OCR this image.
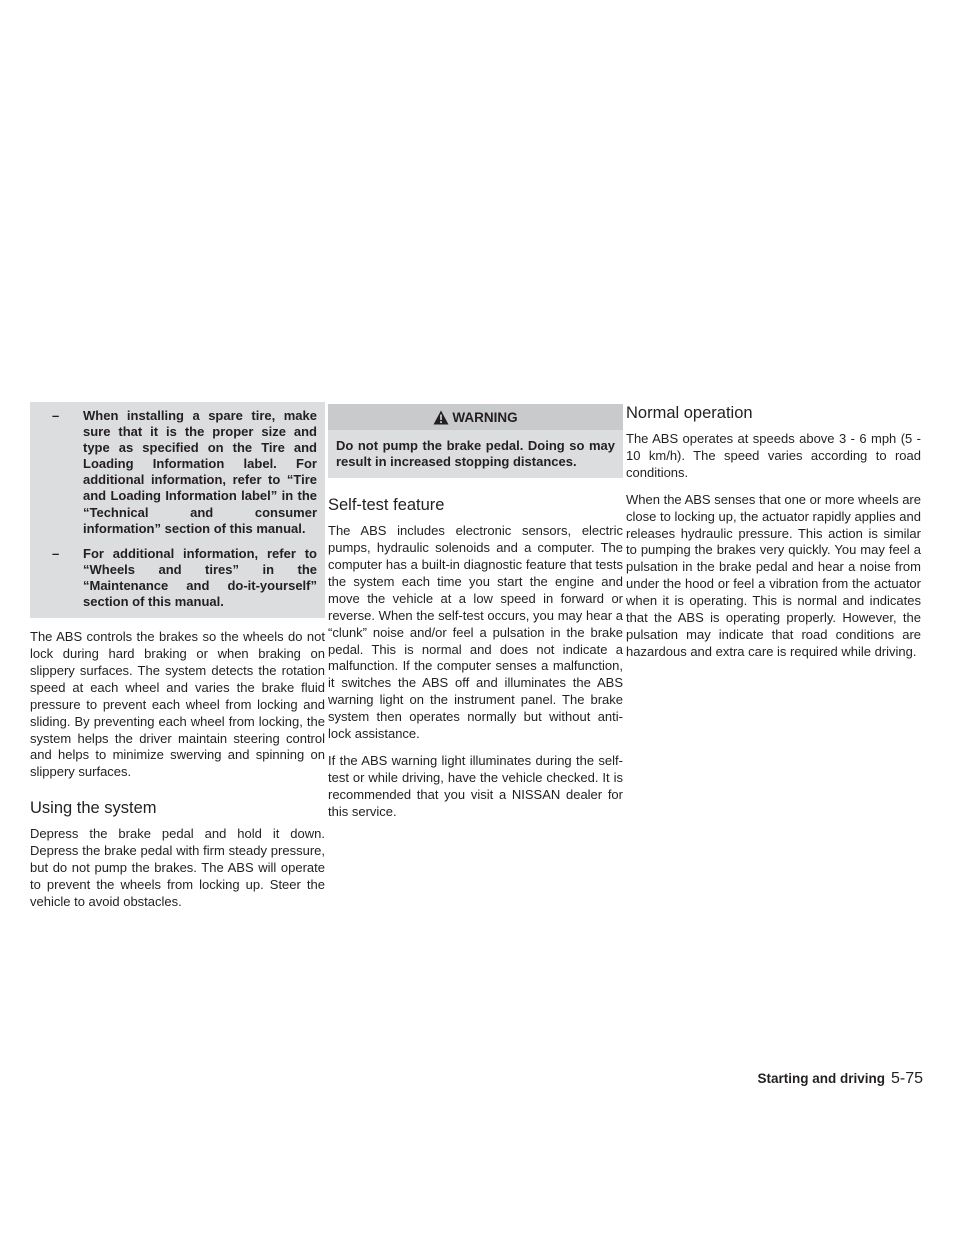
– When installing a spare tire, make sure that it is the proper size and type as specified on the Tire and Loading Information label. For additional information, refer to “Tire and Loading Information label” in the “Technical and consumer information” section of this manual.
– For additional information, refer to “Wheels and tires” in the “Maintenance and do-it-yourself” section of this manual.

The ABS controls the brakes so the wheels do not lock during hard braking or when braking on slippery surfaces. The system detects the rotation speed at each wheel and varies the brake fluid pressure to prevent each wheel from locking and sliding. By preventing each wheel from locking, the system helps the driver maintain steering control and helps to minimize swerving and spinning on slippery surfaces.

Using the system

Depress the brake pedal and hold it down. Depress the brake pedal with firm steady pressure, but do not pump the brakes. The ABS will operate to prevent the wheels from locking up. Steer the vehicle to avoid obstacles.

WARNING
Do not pump the brake pedal. Doing so may result in increased stopping distances.
Self-test feature

The ABS includes electronic sensors, electric pumps, hydraulic solenoids and a computer. The computer has a built-in diagnostic feature that tests the system each time you start the engine and move the vehicle at a low speed in forward or reverse. When the self-test occurs, you may hear a “clunk” noise and/or feel a pulsation in the brake pedal. This is normal and does not indicate a malfunction. If the computer senses a malfunction, it switches the ABS off and illuminates the ABS warning light on the instrument panel. The brake system then operates normally but without anti-lock assistance.

If the ABS warning light illuminates during the self-test or while driving, have the vehicle checked. It is recommended that you visit a NISSAN dealer for this service.

Normal operation

The ABS operates at speeds above 3 - 6 mph (5 - 10 km/h). The speed varies according to road conditions.

When the ABS senses that one or more wheels are close to locking up, the actuator rapidly applies and releases hydraulic pressure. This action is similar to pumping the brakes very quickly. You may feel a pulsation in the brake pedal and hear a noise from under the hood or feel a vibration from the actuator when it is operating. This is normal and indicates that the ABS is operating properly. However, the pulsation may indicate that road conditions are hazardous and extra care is required while driving.

Starting and driving 5-75
